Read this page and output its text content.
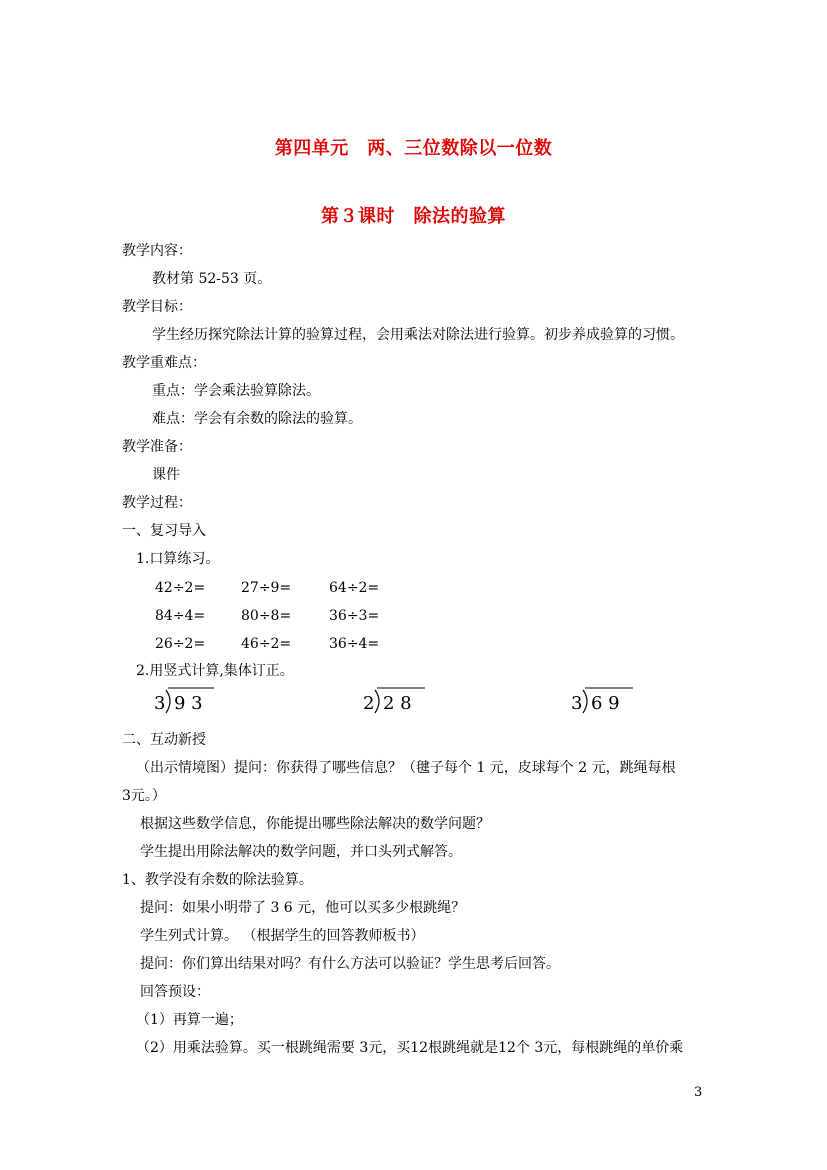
第四单元　两、三位数除以一位数
第３课时　除法的验算
教学内容：
教材第 52-53 页。
教学目标：
学生经历探究除法计算的验算过程，会用乘法对除法进行验算。初步养成验算的习惯。
教学重难点：
重点：学会乘法验算除法。
难点：学会有余数的除法的验算。
教学准备：
课件
教学过程：
一、复习导入
1.口算练习。
42÷2=	27÷9=	64÷2=
84÷4=	80÷8=	36÷3=
26÷2=	46÷2=	36÷4=
2.用竖式计算,集体订正。
3 9 3	2 2 8	3 6 9
二、互动新授
（出示情境图）提问：你获得了哪些信息？（毽子每个 1 元，皮球每个 2 元，跳绳每根
3元。）
根据这些数学信息，你能提出哪些除法解决的数学问题？
学生提出用除法解决的数学问题，并口头列式解答。
1、教学没有余数的除法验算。
提问：如果小明带了 3 6 元，他可以买多少根跳绳？
学生列式计算。 （根据学生的回答教师板书）
提问：你们算出结果对吗？有什么方法可以验证？学生思考后回答。
回答预设：
（1）再算一遍；
（2）用乘法验算。买一根跳绳需要 3元，买12根跳绳就是12个 3元，每根跳绳的单价乘
3
